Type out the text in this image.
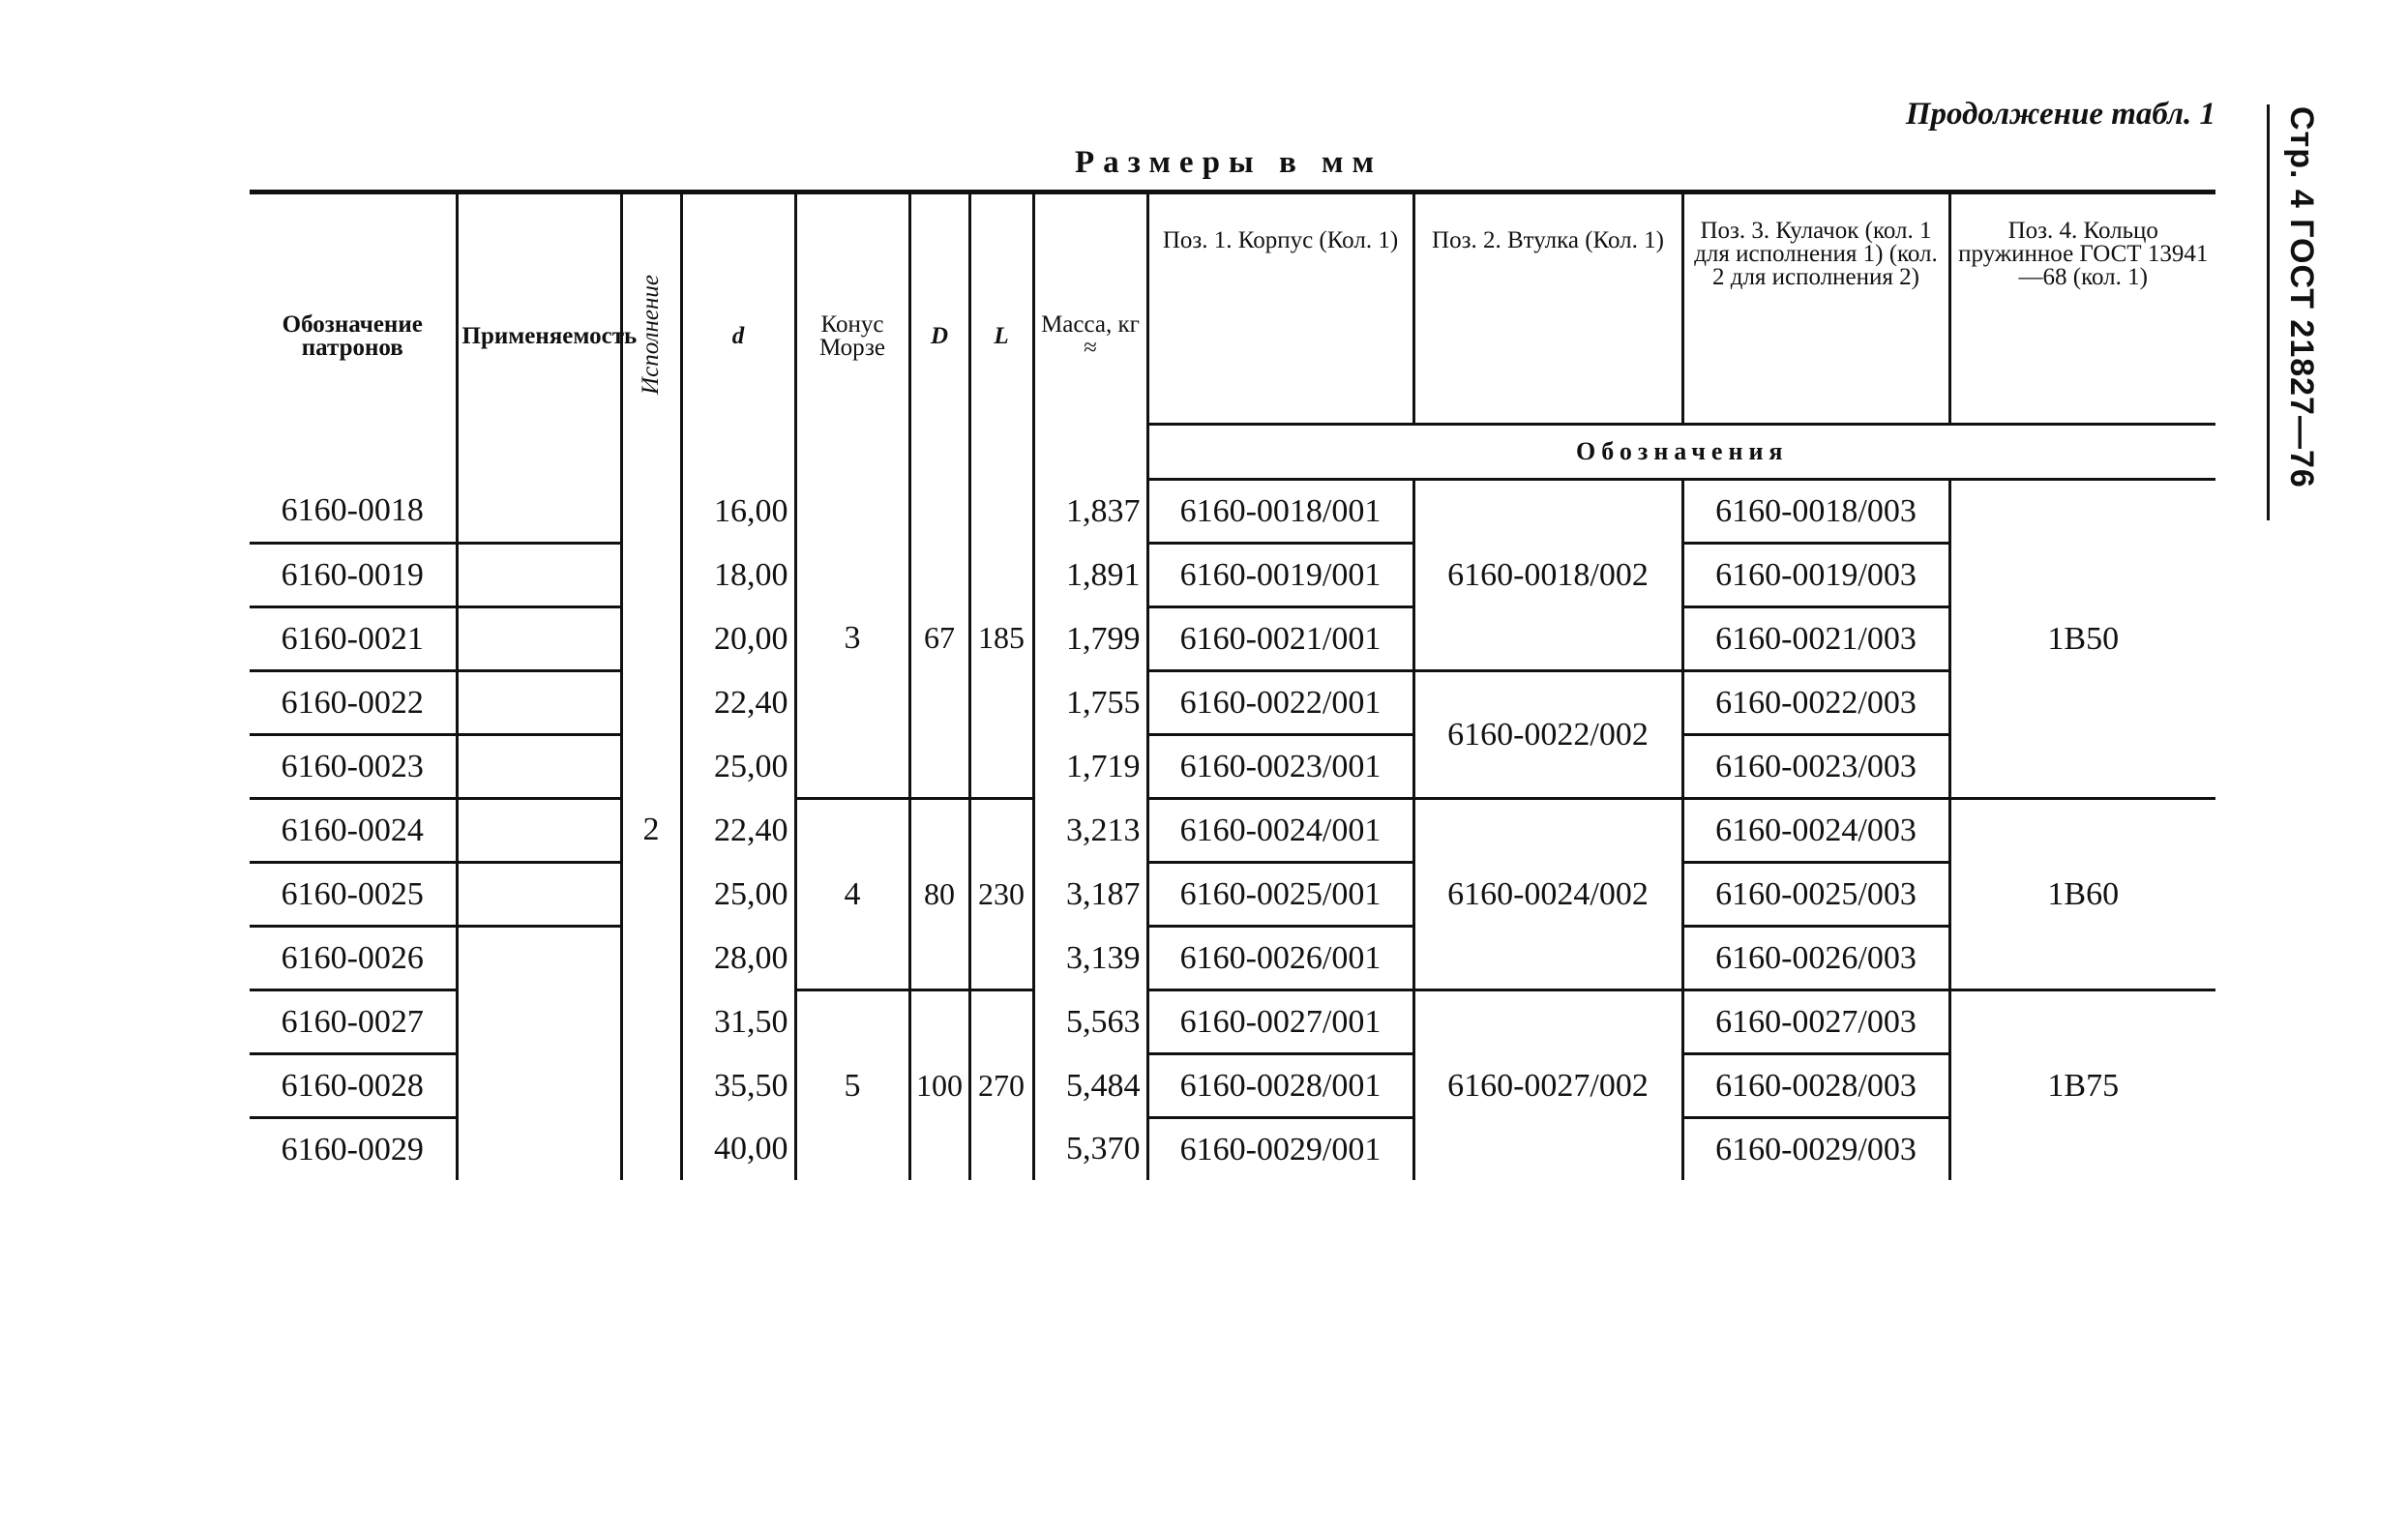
Продолжение табл. 1
Размеры в мм	Стр. 4 ГОСТ 21827—76
Обозначение патронов	Применяемость	Исполнение	d	Конус Морзе	D	L	Масса, кг ≈	Поз. 1. Корпус (Кол. 1)	Поз. 2. Втулка (Кол. 1)	Поз. 3. Кулачок (кол. 1 для исполнения 1) (кол. 2 для исполнения 2)	Поз. 4. Кольцо пружинное ГОСТ 13941—68 (кол. 1)
								Обозначения			
6160-0018		2	16,00	3	67	185	1,837	6160-0018/001	6160-0018/002	6160-0018/003	1В50
6160-0019			18,00				1,891	6160-0019/001		6160-0019/003	
6160-0021			20,00				1,799	6160-0021/001		6160-0021/003	
6160-0022			22,40				1,755	6160-0022/001	6160-0022/002	6160-0022/003	
6160-0023			25,00				1,719	6160-0023/001		6160-0023/003	
6160-0024			22,40	4	80	230	3,213	6160-0024/001	6160-0024/002	6160-0024/003	1В60
6160-0025			25,00				3,187	6160-0025/001		6160-0025/003	
6160-0026			28,00				3,139	6160-0026/001		6160-0026/003	
6160-0027			31,50	5	100	270	5,563	6160-0027/001	6160-0027/002	6160-0027/003	1В75
6160-0028			35,50				5,484	6160-0028/001		6160-0028/003	
6160-0029			40,00				5,370	6160-0029/001		6160-0029/003	
